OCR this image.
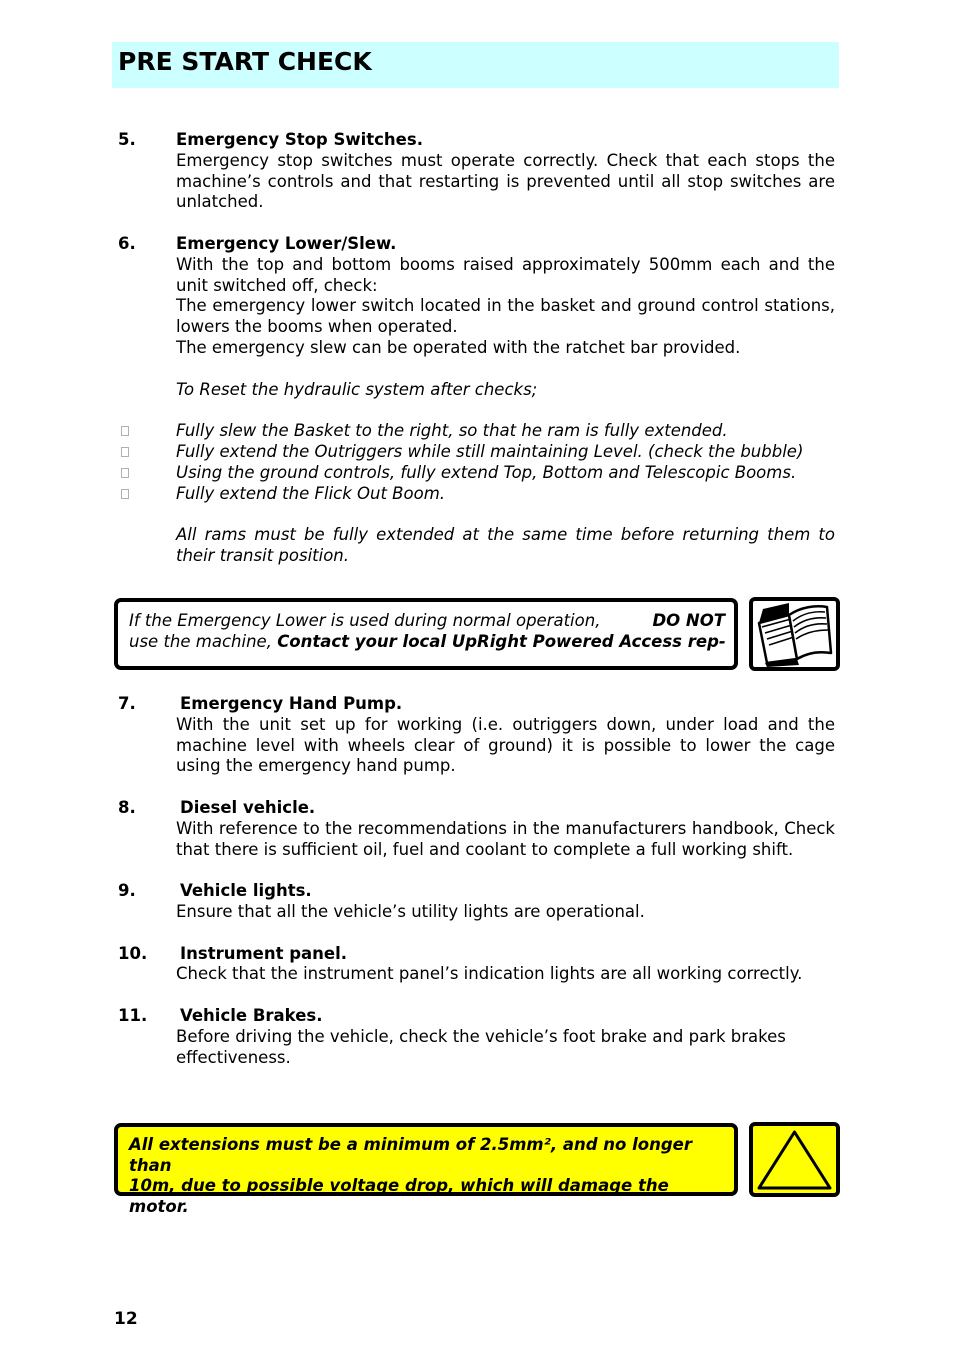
PRE START CHECK
5.	Emergency Stop Switches.

Emergency stop switches must operate correctly. Check that each stops the machine’s controls and that restarting is prevented until all stop switches are unlatched.

6.	Emergency Lower/Slew.

With the top and bottom booms raised approximately 500mm each and the unit switched off, check:

The emergency lower switch located in the basket and ground control stations, lowers the booms when operated.

The emergency slew can be operated with the ratchet bar provided.

To Reset the hydraulic system after checks;
Fully slew the Basket to the right, so that he ram is fully extended.
Fully extend the Outriggers while still maintaining Level. (check the bubble)
Using the ground controls, fully extend Top, Bottom and Telescopic Booms.
Fully extend the Flick Out Boom.
All rams must be fully extended at the same time before returning them to their transit position.
If the Emergency Lower is used during normal operation,	DO NOT
use the machine, Contact your local UpRight Powered Access rep-
7.	Emergency Hand Pump.

With the unit set up for working (i.e. outriggers down, under load and the machine level with wheels clear of ground) it is possible to lower the cage using the emergency hand pump.

8.	Diesel vehicle.

With reference to the recommendations in the manufacturers handbook, Check that there is sufficient oil, fuel and coolant to complete a full working shift.

9.	Vehicle lights.

Ensure that all the vehicle’s utility lights are operational.

10.	Instrument panel.

Check that the instrument panel’s indication lights are all working correctly.

11.	Vehicle Brakes.

Before driving the vehicle, check the vehicle’s foot brake and park brakes effectiveness.

All extensions must be a minimum of 2.5mm², and no longer than
10m, due to possible voltage drop, which will damage the motor.
12
